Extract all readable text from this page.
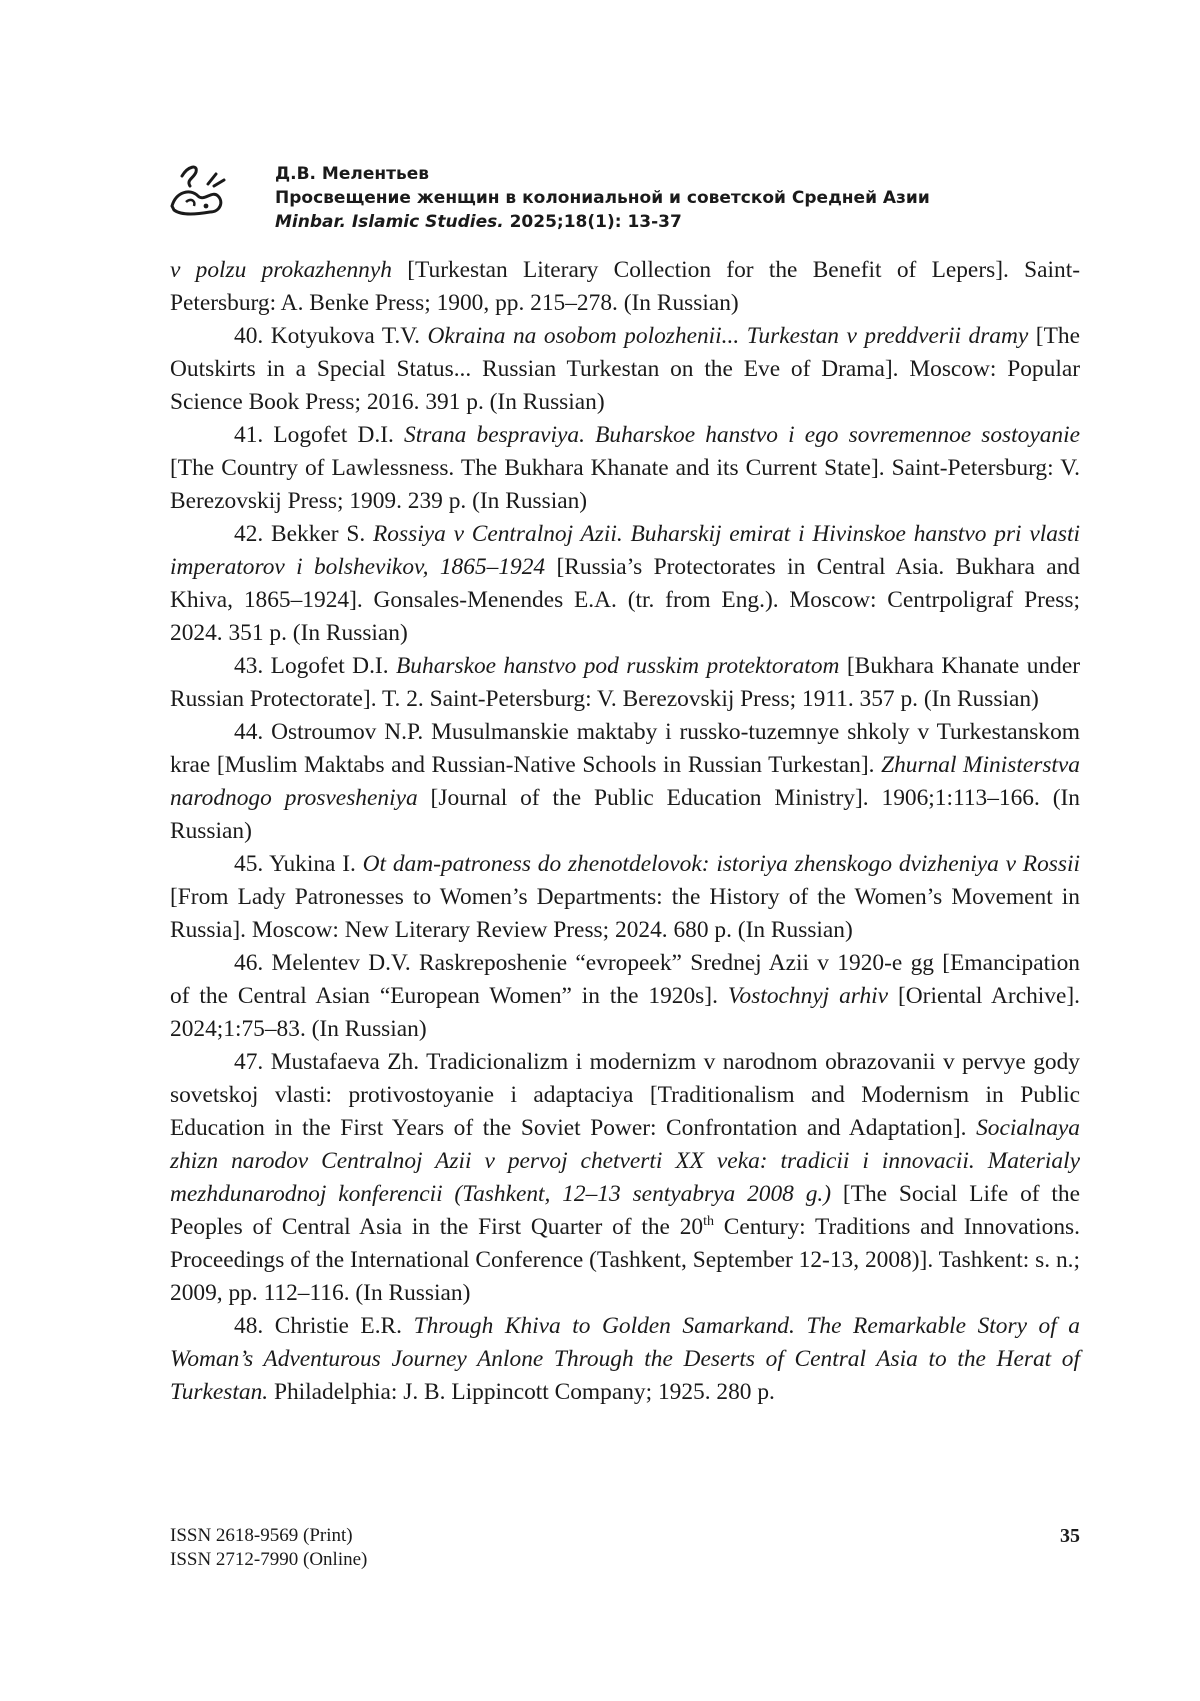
Д.В. Мелентьев
Просвещение женщин в колониальной и советской Средней Азии
Minbar. Islamic Studies. 2025;18(1): 13-37

v polzu prokazhennyh [Turkestan Literary Collection for the Benefit of Lepers]. Saint-Petersburg: A. Benke Press; 1900, pp. 215–278. (In Russian)

40. Kotyukova T.V. Okraina na osobom polozhenii... Turkestan v preddverii dramy [The Outskirts in a Special Status... Russian Turkestan on the Eve of Drama]. Moscow: Popular Science Book Press; 2016. 391 p. (In Russian)

41. Logofet D.I. Strana bespraviya. Buharskoe hanstvo i ego sovremennoe sostoyanie [The Country of Lawlessness. The Bukhara Khanate and its Current State]. Saint-Petersburg: V. Berezovskij Press; 1909. 239 p. (In Russian)

42. Bekker S. Rossiya v Centralnoj Azii. Buharskij emirat i Hivinskoe hanstvo pri vlasti imperatorov i bolshevikov, 1865–1924 [Russia’s Protectorates in Central Asia. Bukhara and Khiva, 1865–1924]. Gonsales-Menendes E.A. (tr. from Eng.). Moscow: Centrpoligraf Press; 2024. 351 p. (In Russian)

43. Logofet D.I. Buharskoe hanstvo pod russkim protektoratom [Bukhara Khanate under Russian Protectorate]. T. 2. Saint-Petersburg: V. Berezovskij Press; 1911. 357 p. (In Russian)

44. Ostroumov N.P. Musulmanskie maktaby i russko-tuzemnye shkoly v Turkestanskom krae [Muslim Maktabs and Russian-Native Schools in Russian Turkestan]. Zhurnal Ministerstva narodnogo prosvesheniya [Journal of the Public Education Ministry]. 1906;1:113–166. (In Russian)

45. Yukina I. Ot dam-patroness do zhenotdelovok: istoriya zhenskogo dvizheniya v Rossii [From Lady Patronesses to Women’s Departments: the History of the Women’s Movement in Russia]. Moscow: New Literary Review Press; 2024. 680 p. (In Russian)

46. Melentev D.V. Raskreposhenie “evropeek” Srednej Azii v 1920-e gg [Emancipation of the Central Asian “European Women” in the 1920s]. Vostochnyj arhiv [Oriental Archive]. 2024;1:75–83. (In Russian)

47. Mustafaeva Zh. Tradicionalizm i modernizm v narodnom obrazovanii v pervye gody sovetskoj vlasti: protivostoyanie i adaptaciya [Traditionalism and Modernism in Public Education in the First Years of the Soviet Power: Confrontation and Adaptation]. Socialnaya zhizn narodov Centralnoj Azii v pervoj chetverti XX veka: tradicii i innovacii. Materialy mezhdunarodnoj konferencii (Tashkent, 12–13 sentyabrya 2008 g.) [The Social Life of the Peoples of Central Asia in the First Quarter of the 20th Century: Traditions and Innovations. Proceedings of the International Conference (Tashkent, September 12-13, 2008)]. Tashkent: s. n.; 2009, pp. 112–116. (In Russian)

48. Christie E.R. Through Khiva to Golden Samarkand. The Remarkable Story of a Woman’s Adventurous Journey Anlone Through the Deserts of Central Asia to the Herat of Turkestan. Philadelphia: J. B. Lippincott Company; 1925. 280 p.

ISSN 2618-9569 (Print)
ISSN 2712-7990 (Online)
35
